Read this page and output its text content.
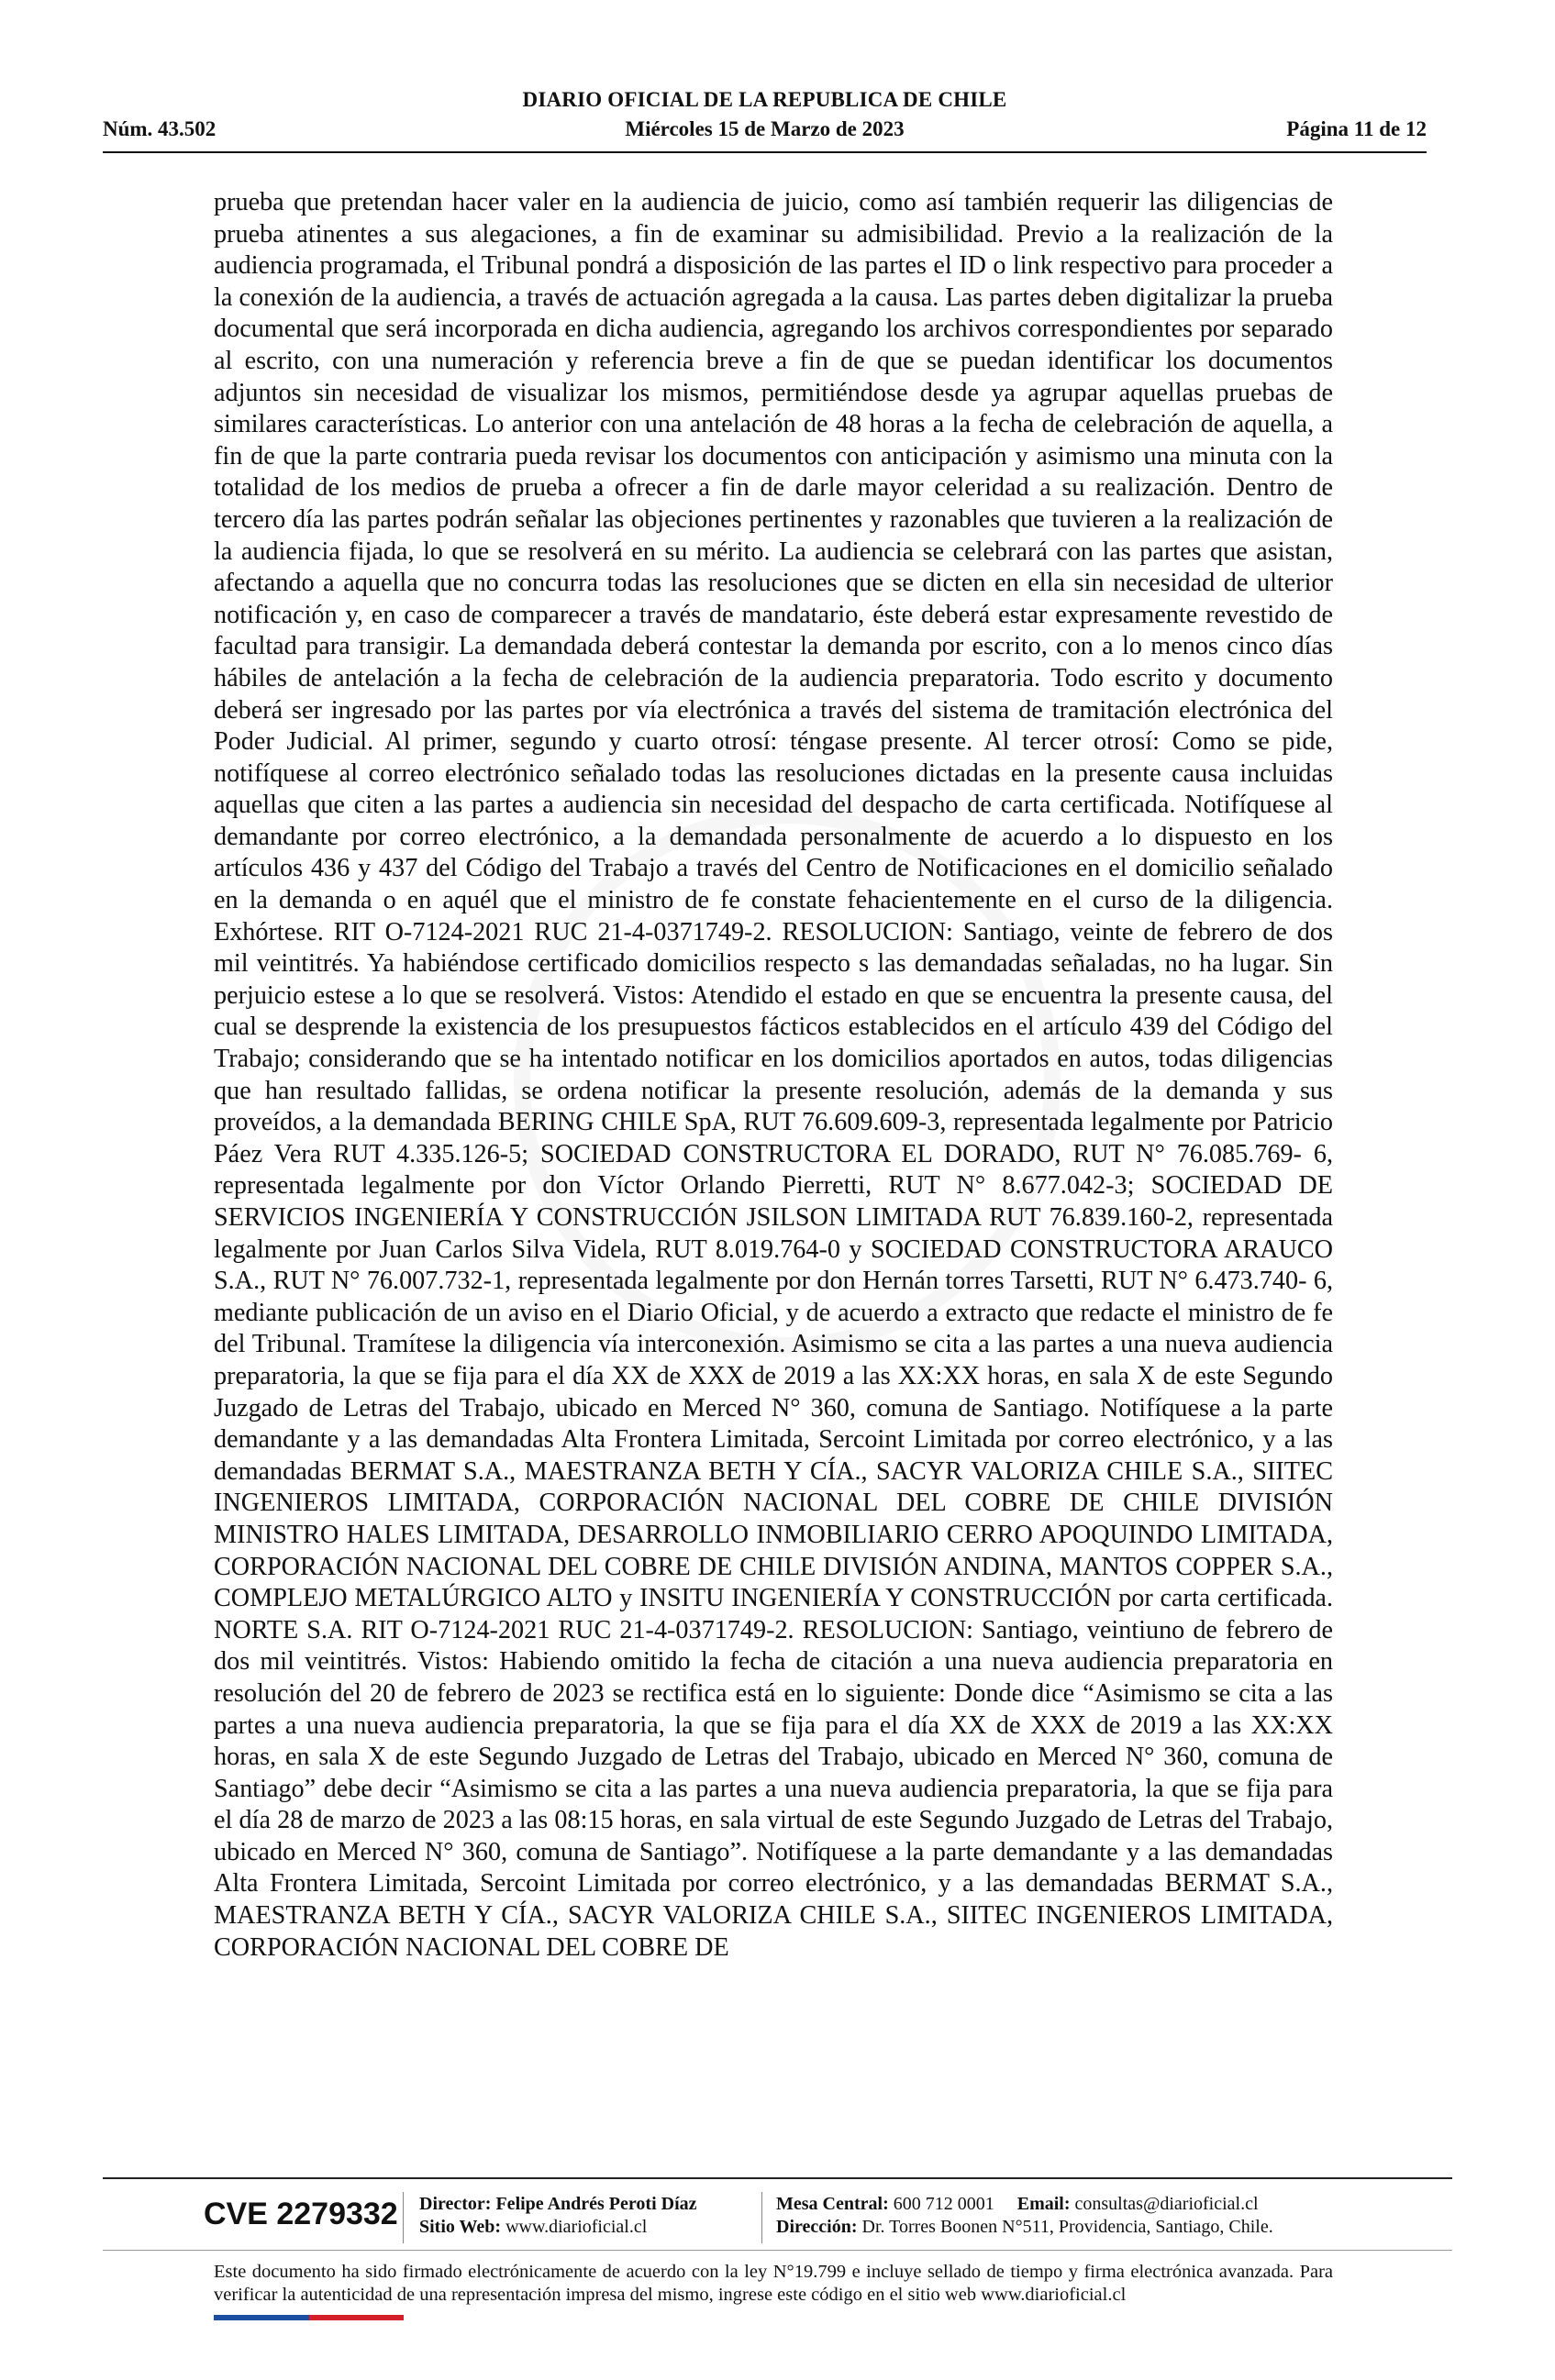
DIARIO OFICIAL DE LA REPUBLICA DE CHILE
Núm. 43.502	Miércoles 15 de Marzo de 2023	Página 11 de 12

prueba que pretendan hacer valer en la audiencia de juicio, como así también requerir las diligencias de prueba atinentes a sus alegaciones, a fin de examinar su admisibilidad. Previo a la realización de la audiencia programada, el Tribunal pondrá a disposición de las partes el ID o link respectivo para proceder a la conexión de la audiencia, a través de actuación agregada a la causa. Las partes deben digitalizar la prueba documental que será incorporada en dicha audiencia, agregando los archivos correspondientes por separado al escrito, con una numeración y referencia breve a fin de que se puedan identificar los documentos adjuntos sin necesidad de visualizar los mismos, permitiéndose desde ya agrupar aquellas pruebas de similares características. Lo anterior con una antelación de 48 horas a la fecha de celebración de aquella, a fin de que la parte contraria pueda revisar los documentos con anticipación y asimismo una minuta con la totalidad de los medios de prueba a ofrecer a fin de darle mayor celeridad a su realización. Dentro de tercero día las partes podrán señalar las objeciones pertinentes y razonables que tuvieren a la realización de la audiencia fijada, lo que se resolverá en su mérito. La audiencia se celebrará con las partes que asistan, afectando a aquella que no concurra todas las resoluciones que se dicten en ella sin necesidad de ulterior notificación y, en caso de comparecer a través de mandatario, éste deberá estar expresamente revestido de facultad para transigir. La demandada deberá contestar la demanda por escrito, con a lo menos cinco días hábiles de antelación a la fecha de celebración de la audiencia preparatoria. Todo escrito y documento deberá ser ingresado por las partes por vía electrónica a través del sistema de tramitación electrónica del Poder Judicial. Al primer, segundo y cuarto otrosí: téngase presente. Al tercer otrosí: Como se pide, notifíquese al correo electrónico señalado todas las resoluciones dictadas en la presente causa incluidas aquellas que citen a las partes a audiencia sin necesidad del despacho de carta certificada. Notifíquese al demandante por correo electrónico, a la demandada personalmente de acuerdo a lo dispuesto en los artículos 436 y 437 del Código del Trabajo a través del Centro de Notificaciones en el domicilio señalado en la demanda o en aquél que el ministro de fe constate fehacientemente en el curso de la diligencia. Exhórtese. RIT O-7124-2021 RUC 21-4-0371749-2. RESOLUCION: Santiago, veinte de febrero de dos mil veintitrés. Ya habiéndose certificado domicilios respecto s las demandadas señaladas, no ha lugar. Sin perjuicio estese a lo que se resolverá. Vistos: Atendido el estado en que se encuentra la presente causa, del cual se desprende la existencia de los presupuestos fácticos establecidos en el artículo 439 del Código del Trabajo; considerando que se ha intentado notificar en los domicilios aportados en autos, todas diligencias que han resultado fallidas, se ordena notificar la presente resolución, además de la demanda y sus proveídos, a la demandada BERING CHILE SpA, RUT 76.609.609-3, representada legalmente por Patricio Páez Vera RUT 4.335.126-5; SOCIEDAD CONSTRUCTORA EL DORADO, RUT N° 76.085.769- 6, representada legalmente por don Víctor Orlando Pierretti, RUT N° 8.677.042-3; SOCIEDAD DE SERVICIOS INGENIERÍA Y CONSTRUCCIÓN JSILSON LIMITADA RUT 76.839.160-2, representada legalmente por Juan Carlos Silva Videla, RUT 8.019.764-0 y SOCIEDAD CONSTRUCTORA ARAUCO S.A., RUT N° 76.007.732-1, representada legalmente por don Hernán torres Tarsetti, RUT N° 6.473.740- 6, mediante publicación de un aviso en el Diario Oficial, y de acuerdo a extracto que redacte el ministro de fe del Tribunal. Tramítese la diligencia vía interconexión. Asimismo se cita a las partes a una nueva audiencia preparatoria, la que se fija para el día XX de XXX de 2019 a las XX:XX horas, en sala X de este Segundo Juzgado de Letras del Trabajo, ubicado en Merced N° 360, comuna de Santiago. Notifíquese a la parte demandante y a las demandadas Alta Frontera Limitada, Sercoint Limitada por correo electrónico, y a las demandadas BERMAT S.A., MAESTRANZA BETH Y CÍA., SACYR VALORIZA CHILE S.A., SIITEC INGENIEROS LIMITADA, CORPORACIÓN NACIONAL DEL COBRE DE CHILE DIVISIÓN MINISTRO HALES LIMITADA, DESARROLLO INMOBILIARIO CERRO APOQUINDO LIMITADA, CORPORACIÓN NACIONAL DEL COBRE DE CHILE DIVISIÓN ANDINA, MANTOS COPPER S.A., COMPLEJO METALÚRGICO ALTO y INSITU INGENIERÍA Y CONSTRUCCIÓN por carta certificada. NORTE S.A. RIT O-7124-2021 RUC 21-4-0371749-2. RESOLUCION: Santiago, veintiuno de febrero de dos mil veintitrés. Vistos: Habiendo omitido la fecha de citación a una nueva audiencia preparatoria en resolución del 20 de febrero de 2023 se rectifica está en lo siguiente: Donde dice “Asimismo se cita a las partes a una nueva audiencia preparatoria, la que se fija para el día XX de XXX de 2019 a las XX:XX horas, en sala X de este Segundo Juzgado de Letras del Trabajo, ubicado en Merced N° 360, comuna de Santiago” debe decir “Asimismo se cita a las partes a una nueva audiencia preparatoria, la que se fija para el día 28 de marzo de 2023 a las 08:15 horas, en sala virtual de este Segundo Juzgado de Letras del Trabajo, ubicado en Merced N° 360, comuna de Santiago”. Notifíquese a la parte demandante y a las demandadas Alta Frontera Limitada, Sercoint Limitada por correo electrónico, y a las demandadas BERMAT S.A., MAESTRANZA BETH Y CÍA., SACYR VALORIZA CHILE S.A., SIITEC INGENIEROS LIMITADA, CORPORACIÓN NACIONAL DEL COBRE DE

CVE 2279332 Director: Felipe Andrés Peroti Díaz
Sitio Web: www.diarioficial.cl
Mesa Central: 600 712 0001 Email: consultas@diarioficial.cl
Dirección: Dr. Torres Boonen N°511, Providencia, Santiago, Chile.
Este documento ha sido firmado electrónicamente de acuerdo con la ley N°19.799 e incluye sellado de tiempo y firma electrónica avanzada. Para verificar la autenticidad de una representación impresa del mismo, ingrese este código en el sitio web www.diarioficial.cl
